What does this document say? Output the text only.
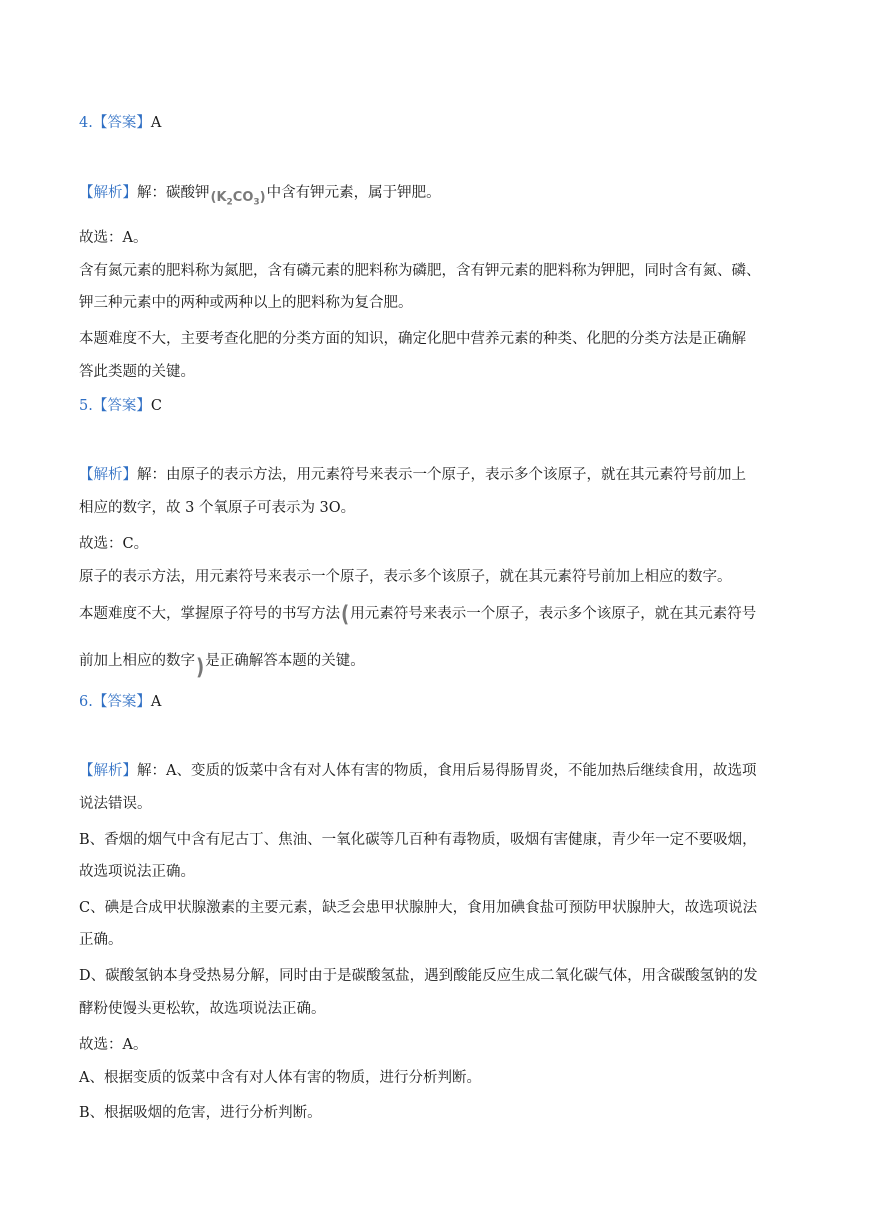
4.【答案】A
【解析】解：碳酸钾$(K_2CO_3)$中含有钾元素，属于钾肥。
故选：A。
含有氮元素的肥料称为氮肥，含有磷元素的肥料称为磷肥，含有钾元素的肥料称为钾肥，同时含有氮、磷、
钾三种元素中的两种或两种以上的肥料称为复合肥。
本题难度不大，主要考查化肥的分类方面的知识，确定化肥中营养元素的种类、化肥的分类方法是正确解
答此类题的关键。
5.【答案】C
【解析】解：由原子的表示方法，用元素符号来表示一个原子，表示多个该原子，就在其元素符号前加上
相应的数字，故 3 个氧原子可表示为 3O。
故选：C。
原子的表示方法，用元素符号来表示一个原子，表示多个该原子，就在其元素符号前加上相应的数字。
本题难度不大，掌握原子符号的书写方法(用元素符号来表示一个原子，表示多个该原子，就在其元素符号
前加上相应的数字)是正确解答本题的关键。
6.【答案】A
【解析】解：A、变质的饭菜中含有对人体有害的物质，食用后易得肠胃炎，不能加热后继续食用，故选项
说法错误。
B、香烟的烟气中含有尼古丁、焦油、一氧化碳等几百种有毒物质，吸烟有害健康，青少年一定不要吸烟，
故选项说法正确。
C、碘是合成甲状腺激素的主要元素，缺乏会患甲状腺肿大，食用加碘食盐可预防甲状腺肿大，故选项说法
正确。
D、碳酸氢钠本身受热易分解，同时由于是碳酸氢盐，遇到酸能反应生成二氧化碳气体，用含碳酸氢钠的发
酵粉使馒头更松软，故选项说法正确。
故选：A。
A、根据变质的饭菜中含有对人体有害的物质，进行分析判断。
B、根据吸烟的危害，进行分析判断。
